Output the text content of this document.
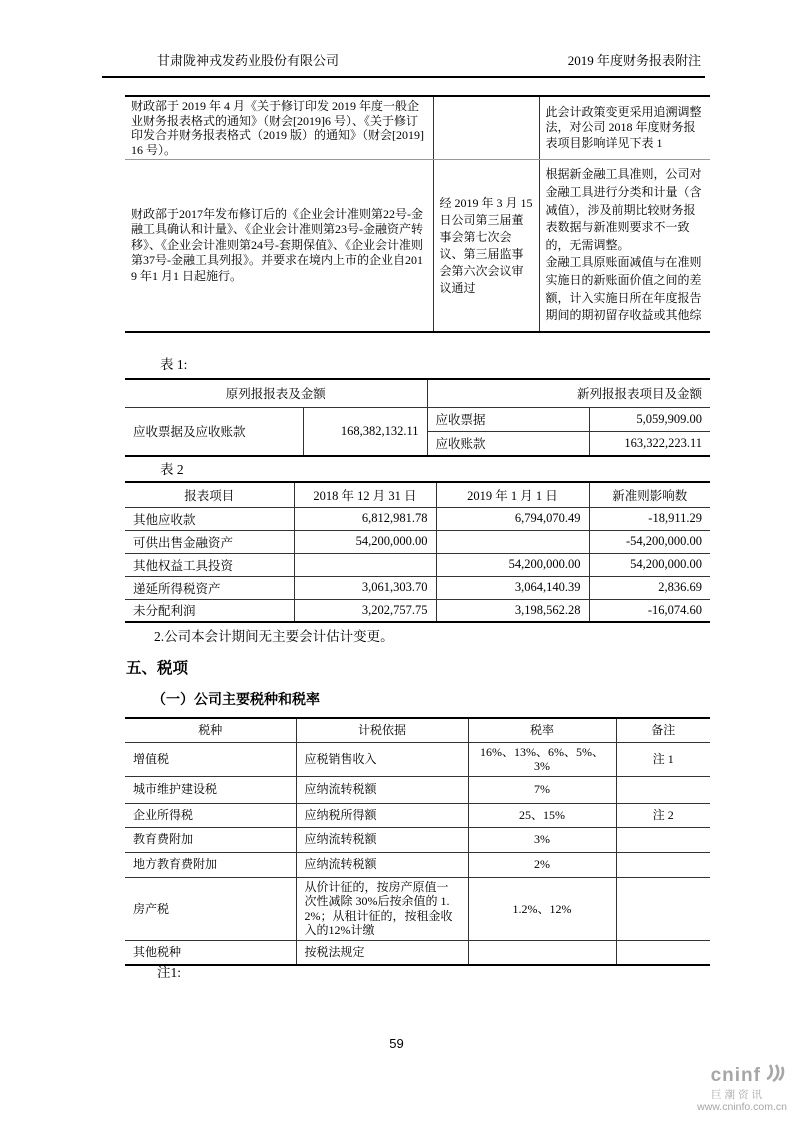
甘肃陇神戎发药业股份有限公司	2019 年度财务报表附注
财政部于 2019 年 4 月《关于修订印发 2019 年度一般企业财务报表格式的通知》（财会[2019]6 号）、《关于修订印发合并财务报表格式（2019 版）的通知》（财会[2019]16 号）。		此会计政策变更采用追溯调整法，对公司 2018 年度财务报表项目影响详见下表 1
财政部于2017年发布修订后的《企业会计准则第22号-金融工具确认和计量》、《企业会计准则第23号-金融资产转移》、《企业会计准则第24号-套期保值》、《企业会计准则第37号-金融工具列报》。并要求在境内上市的企业自2019 年1 月1 日起施行。	经 2019 年 3 月 15 日公司第三届董事会第七次会议、第三届监事会第六次会议审议通过	根据新金融工具准则，公司对金融工具进行分类和计量（含减值），涉及前期比较财务报表数据与新准则要求不一致的，无需调整。
金融工具原账面减值与在准则实施日的新账面价值之间的差额，计入实施日所在年度报告期间的期初留存收益或其他综
表 1:
原列报报表及金额		新列报报表项目及金额	
应收票据及应收账款	168,382,132.11	应收票据	5,059,909.00
		应收账款	163,322,223.11
表 2
报表项目	2018 年 12 月 31 日	2019 年 1 月 1 日	新准则影响数
其他应收款	6,812,981.78	6,794,070.49	-18,911.29
可供出售金融资产	54,200,000.00		-54,200,000.00
其他权益工具投资		54,200,000.00	54,200,000.00
递延所得税资产	3,061,303.70	3,064,140.39	2,836.69
未分配利润	3,202,757.75	3,198,562.28	-16,074.60
2.公司本会计期间无主要会计估计变更。
五、税项
（一）公司主要税种和税率
税种	计税依据	税率	备注
增值税	应税销售收入	16%、13%、6%、5%、3%	注 1
城市维护建设税	应纳流转税额	7%	
企业所得税	应纳税所得额	25、15%	注 2
教育费附加	应纳流转税额	3%	
地方教育费附加	应纳流转税额	2%	
房产税	从价计征的，按房产原值一次性减除 30%后按余值的 1.2%；从租计征的，按租金收入的12%计缴	1.2%、12%	
其他税种	按税法规定		
注1:
59
cninf
巨潮资讯
www.cninfo.com.cn
